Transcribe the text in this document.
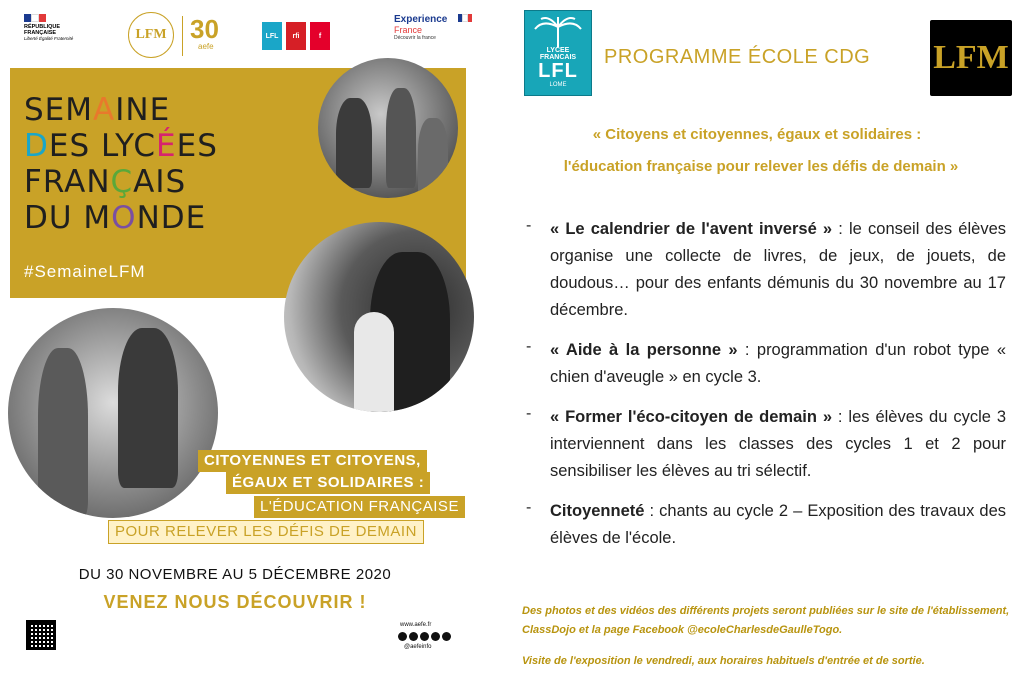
RÉPUBLIQUE FRANÇAISE
Liberté Égalité Fraternité	LFM 30
aefe
LFL	rfi	f
Experience
France
Découvrir la france
SEMAINE
DES LYCÉES
FRANÇAIS
DU MONDE
#SemaineLFM
CITOYENNES ET CITOYENS,
ÉGAUX ET SOLIDAIRES :
L'ÉDUCATION FRANÇAISE
POUR RELEVER LES DÉFIS DE DEMAIN
DU 30 NOVEMBRE AU 5 DÉCEMBRE 2020
VENEZ NOUS DÉCOUVRIR !
www.aefe.fr
@aefeinfo
LYCEE
FRANCAIS
LFL
LOME
PROGRAMME ÉCOLE CDG LFM
« Citoyens et citoyennes, égaux et solidaires :
l'éducation française pour relever les défis de demain »
-	« Le calendrier de l'avent inversé » : le conseil des élèves organise une collecte de livres, de jeux, de jouets, de doudous… pour des enfants démunis du 30 novembre au 17 décembre.
-	« Aide à la personne » : programmation d'un robot type « chien d'aveugle » en cycle 3.
-	« Former l'éco-citoyen de demain » : les élèves du cycle 3 interviennent dans les classes des cycles 1 et 2 pour sensibiliser les élèves au tri sélectif.
-	Citoyenneté : chants au cycle 2 – Exposition des travaux des élèves de l'école.
Des photos et des vidéos des différents projets seront publiées sur le site de l'établissement, ClassDojo et la page Facebook @ecoleCharlesdeGaulleTogo.
Visite de l'exposition le vendredi, aux horaires habituels d'entrée et de sortie.
